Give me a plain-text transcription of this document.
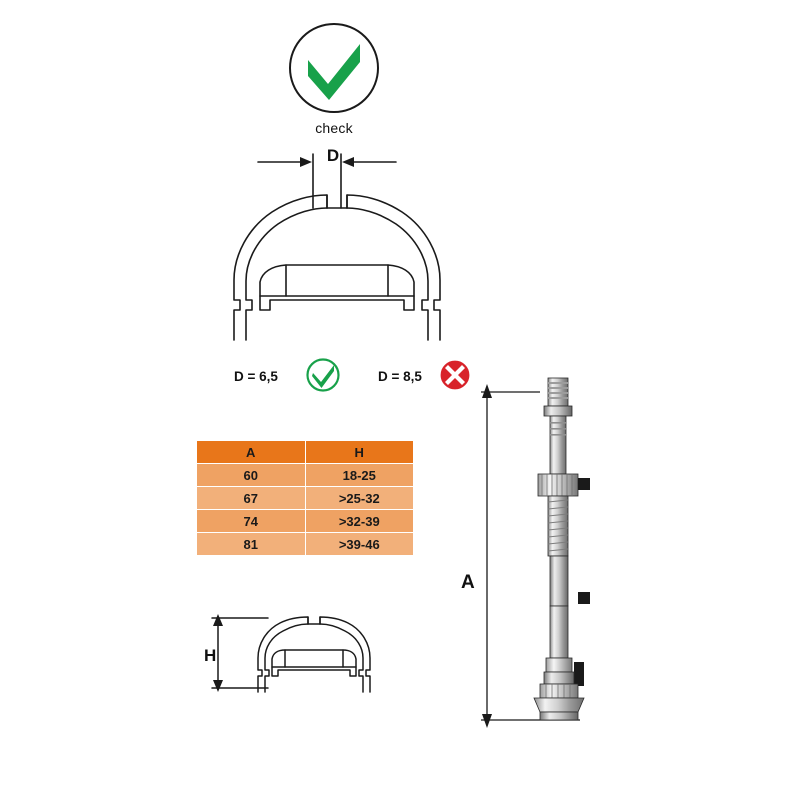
check
D
D = 6,5	D = 8,5
A	H
60	18-25
67	>25-32
74	>32-39
81	>39-46
H
A
